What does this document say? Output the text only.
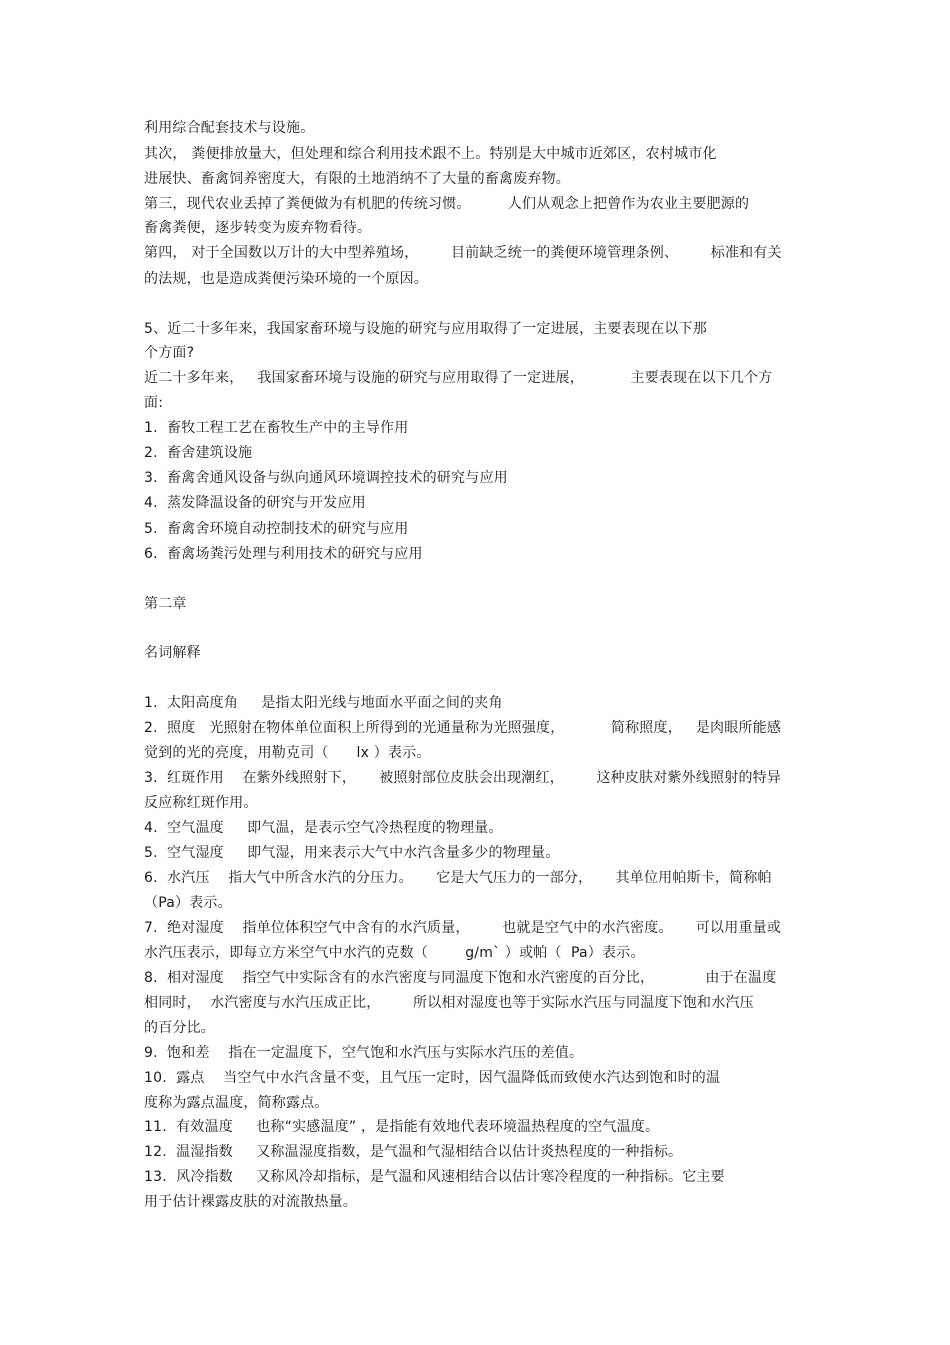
利用综合配套技术与设施。
其次， 粪便排放量大，但处理和综合利用技术跟不上。特别是大中城市近郊区，农村城市化
进展快、畜禽饲养密度大，有限的土地消纳不了大量的畜禽废弃物。
第三，现代农业丢掉了粪便做为有机肥的传统习惯。        人们从观念上把曾作为农业主要肥源的
畜禽粪便，逐步转变为废弃物看待。
第四， 对于全国数以万计的大中型养殖场，       目前缺乏统一的粪便环境管理条例、       标准和有关
的法规，也是造成粪便污染环境的一个原因。
5、近二十多年来，我国家畜环境与设施的研究与应用取得了一定进展，主要表现在以下那
个方面?
近二十多年来，   我国家畜环境与设施的研究与应用取得了一定进展，          主要表现在以下几个方
面:
1.  畜牧工程工艺在畜牧生产中的主导作用
2.  畜舍建筑设施
3.  畜禽舍通风设备与纵向通风环境调控技术的研究与应用
4.  蒸发降温设备的研究与开发应用
5.  畜禽舍环境自动控制技术的研究与应用
6.  畜禽场粪污处理与利用技术的研究与应用
第二章
名词解释
1.  太阳高度角     是指太阳光线与地面水平面之间的夹角
2.  照度   光照射在物体单位面积上所得到的光通量称为光照强度，          简称照度，   是肉眼所能感
觉到的光的亮度，用勒克司（      lx ）表示。
3.  红斑作用    在紫外线照射下，     被照射部位皮肤会出现潮红，       这种皮肤对紫外线照射的特异
反应称红斑作用。
4.  空气温度     即气温，是表示空气冷热程度的物理量。
5.  空气湿度     即气湿，用来表示大气中水汽含量多少的物理量。
6.  水汽压    指大气中所含水汽的分压力。     它是大气压力的一部分，     其单位用帕斯卡，简称帕
（Pa）表示。
7.  绝对湿度    指单位体积空气中含有的水汽质量，       也就是空气中的水汽密度。     可以用重量或
水汽压表示，即每立方米空气中水汽的克数（        g/m` ）或帕（  Pa）表示。
8.  相对湿度    指空气中实际含有的水汽密度与同温度下饱和水汽密度的百分比，           由于在温度
相同时，  水汽密度与水汽压成正比，       所以相对湿度也等于实际水汽压与同温度下饱和水汽压
的百分比。
9.  饱和差    指在一定温度下，空气饱和水汽压与实际水汽压的差值。
10.  露点    当空气中水汽含量不变，且气压一定时，因气温降低而致使水汽达到饱和时的温
度称为露点温度，简称露点。
11.  有效温度     也称“实感温度” ，是指能有效地代表环境温热程度的空气温度。
12.  温湿指数     又称温湿度指数，是气温和气湿相结合以估计炎热程度的一种指标。
13.  风冷指数     又称风冷却指标，是气温和风速相结合以估计寒冷程度的一种指标。它主要
用于估计裸露皮肤的对流散热量。
